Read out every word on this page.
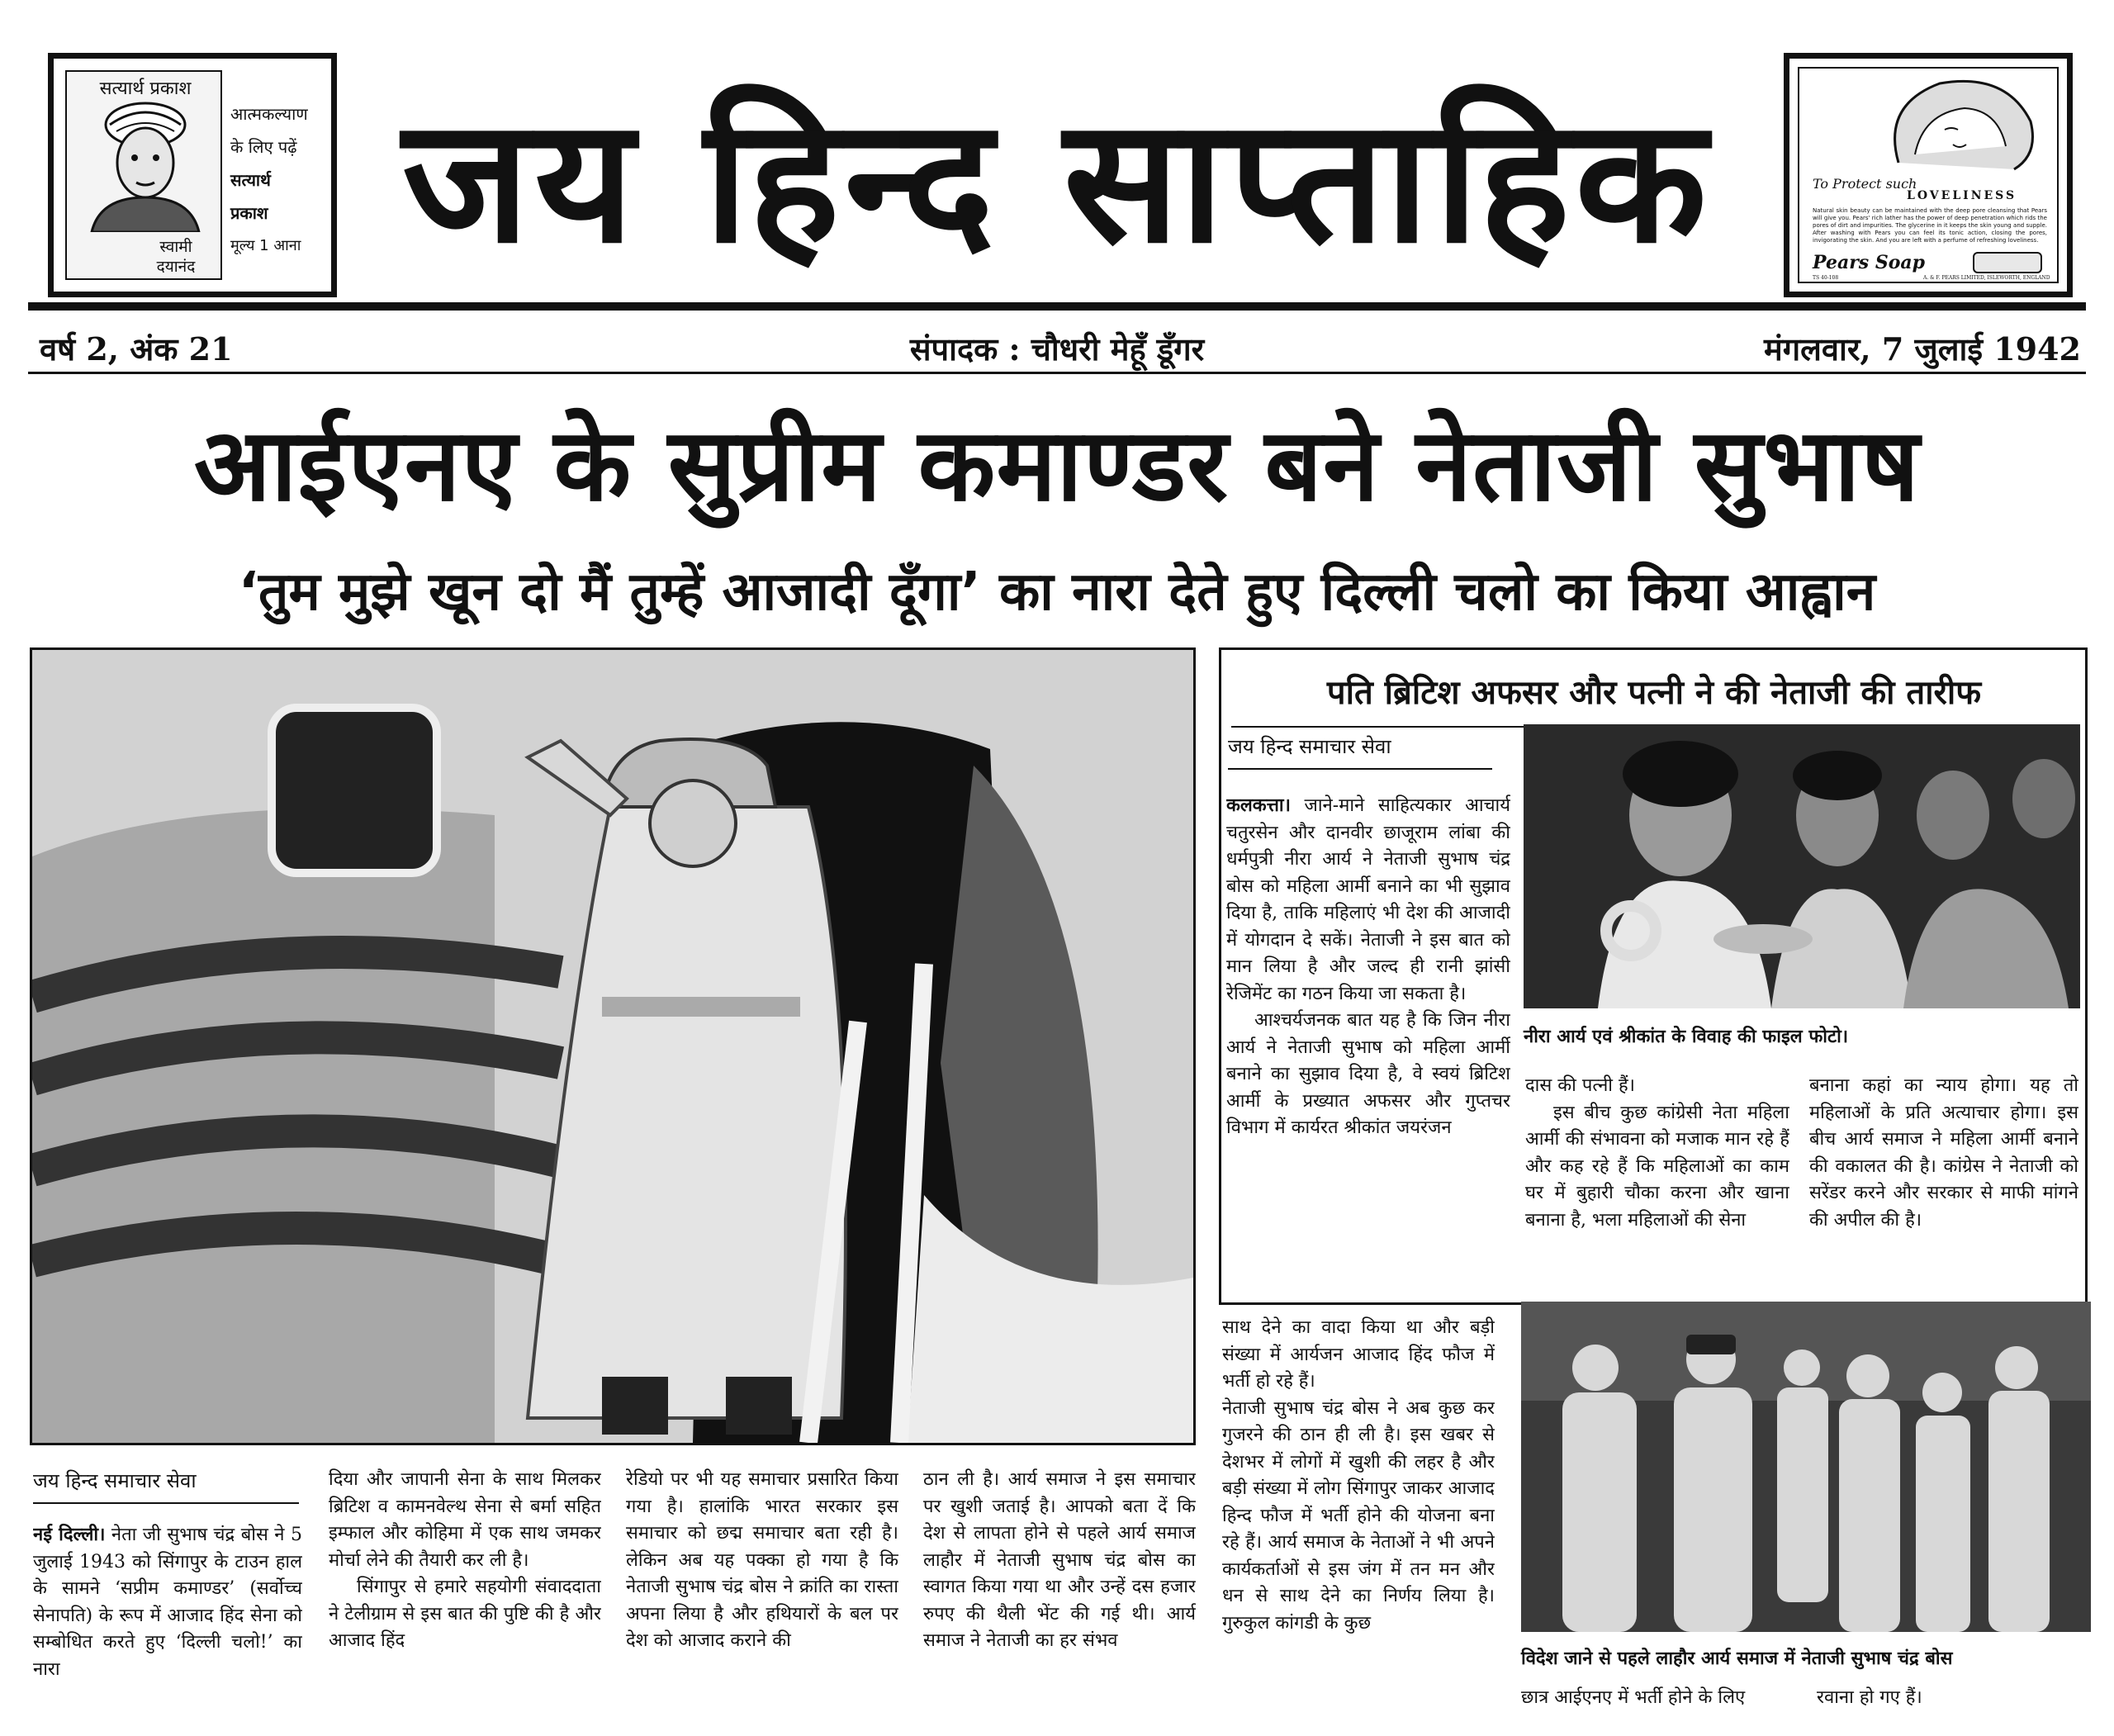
सत्यार्थ प्रकाश
स्वामी
दयानंद
आत्मकल्याण
के लिए पढ़ें
सत्यार्थ
प्रकाश
मूल्य 1 आना जय हिन्द साप्ताहिक	To Protect such
LOVELINESS
Natural skin beauty can be maintained with the deep pore cleansing that Pears will give you. Pears' rich lather has the power of deep penetration which rids the pores of dirt and impurities. The glycerine in it keeps the skin young and supple. After washing with Pears you can feel its tonic action, closing the pores, invigorating the skin. And you are left with a perfume of refreshing loveliness.
Pears Soap
TS 40-108	A. & F. PEARS LIMITED, ISLEWORTH, ENGLAND
वर्ष 2, अंक 21	संपादक : चौधरी मेहूँ डूँगर	मंगलवार, 7 जुलाई 1942
आईएनए के सुप्रीम कमाण्डर बने नेताजी सुभाष
‘तुम मुझे खून दो मैं तुम्हें आजादी दूँगा’ का नारा देते हुए दिल्ली चलो का किया आह्वान
जय हिन्द समाचार सेवा

नई दिल्ली। नेता जी सुभाष चंद्र बोस ने 5 जुलाई 1943 को सिंगापुर के टाउन हाल के सामने ‘सप्रीम कमाण्डर’ (सर्वोच्च सेनापति) के रूप में आजाद हिंद सेना को सम्बोधित करते हुए ‘दिल्ली चलो!’ का नारा

दिया और जापानी सेना के साथ मिलकर ब्रिटिश व कामनवेल्थ सेना से बर्मा सहित इम्फाल और कोहिमा में एक साथ जमकर मोर्चा लेने की तैयारी कर ली है।

सिंगापुर से हमारे सहयोगी संवाददाता ने टेलीग्राम से इस बात की पुष्टि की है और आजाद हिंद

रेडियो पर भी यह समाचार प्रसारित किया गया है। हालांकि भारत सरकार इस समाचार को छद्म समाचार बता रही है। लेकिन अब यह पक्का हो गया है कि नेताजी सुभाष चंद्र बोस ने क्रांति का रास्ता अपना लिया है और हथियारों के बल पर देश को आजाद कराने की

ठान ली है। आर्य समाज ने इस समाचार पर खुशी जताई है। आपको बता दें कि देश से लापता होने से पहले आर्य समाज लाहौर में नेताजी सुभाष चंद्र बोस का स्वागत किया गया था और उन्हें दस हजार रुपए की थैली भेंट की गई थी। आर्य समाज ने नेताजी का हर संभव

पति ब्रिटिश अफसर और पत्नी ने की नेताजी की तारीफ
जय हिन्द समाचार सेवा
नीरा आर्य एवं श्रीकांत के विवाह की फाइल फोटो।

कलकत्ता। जाने-माने साहित्यकार आचार्य चतुरसेन और दानवीर छाजूराम लांबा की धर्मपुत्री नीरा आर्य ने नेताजी सुभाष चंद्र बोस को महिला आर्मी बनाने का भी सुझाव दिया है, ताकि महिलाएं भी देश की आजादी में योगदान दे सकें। नेताजी ने इस बात को मान लिया है और जल्द ही रानी झांसी रेजिमेंट का गठन किया जा सकता है।

आश्चर्यजनक बात यह है कि जिन नीरा आर्य ने नेताजी सुभाष को महिला आर्मी बनाने का सुझाव दिया है, वे स्वयं ब्रिटिश आर्मी के प्रख्यात अफसर और गुप्तचर विभाग में कार्यरत श्रीकांत जयरंजन

दास की पत्नी हैं।

इस बीच कुछ कांग्रेसी नेता महिला आर्मी की संभावना को मजाक मान रहे हैं और कह रहे हैं कि महिलाओं का काम घर में बुहारी चौका करना और खाना बनाना है, भला महिलाओं की सेना

बनाना कहां का न्याय होगा। यह तो महिलाओं के प्रति अत्याचार होगा। इस बीच आर्य समाज ने महिला आर्मी बनाने की वकालत की है। कांग्रेस ने नेताजी को सरेंडर करने और सरकार से माफी मांगने की अपील की है।

साथ देने का वादा किया था और बड़ी संख्या में आर्यजन आजाद हिंद फौज में भर्ती हो रहे हैं।

नेताजी सुभाष चंद्र बोस ने अब कुछ कर गुजरने की ठान ही ली है। इस खबर से देशभर में लोगों में खुशी की लहर है और बड़ी संख्या में लोग सिंगापुर जाकर आजाद हिन्द फौज में भर्ती होने की योजना बना रहे हैं। आर्य समाज के नेताओं ने भी अपने कार्यकर्ताओं से इस जंग में तन मन और धन से साथ देने का निर्णय लिया है। गुरुकुल कांगडी के कुछ

विदेश जाने से पहले लाहौर आर्य समाज में नेताजी सुभाष चंद्र बोस
छात्र आईएनए में भर्ती होने के लिए	रवाना हो गए हैं।
